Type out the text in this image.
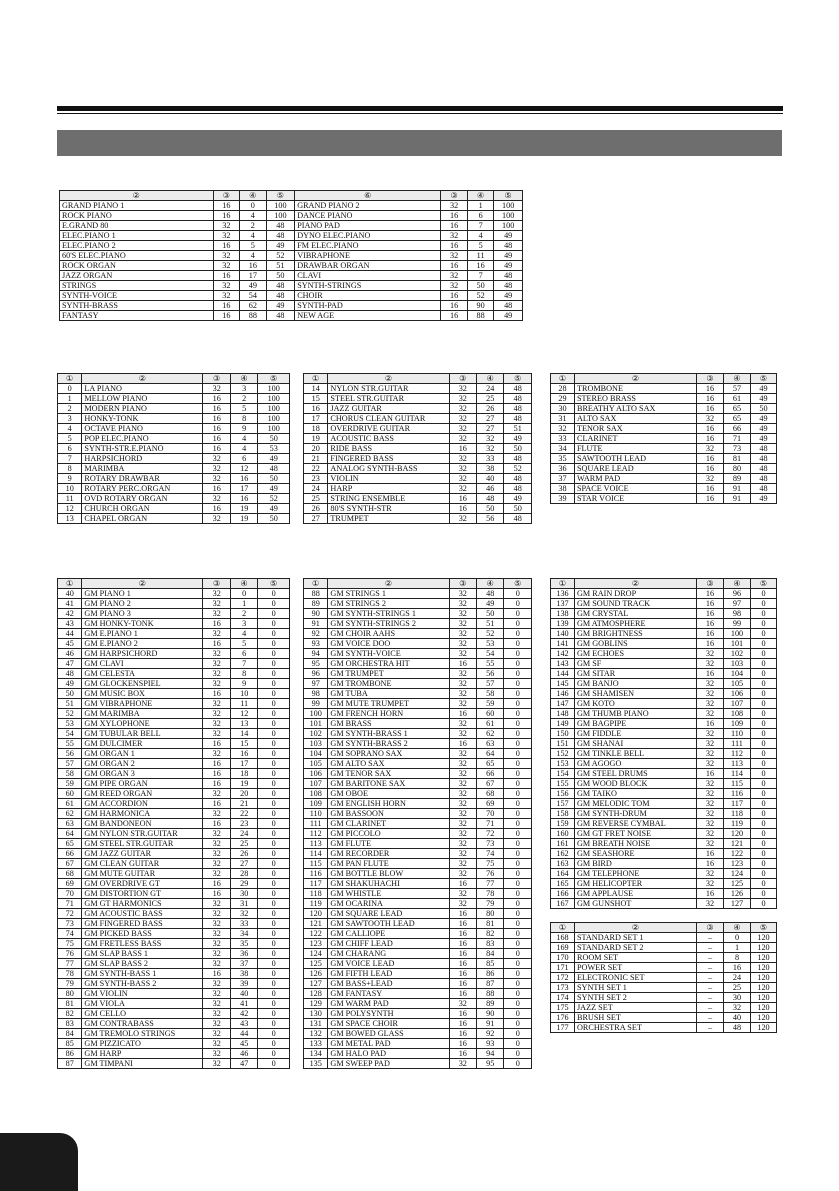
②	③	④	⑤	⑥	③	④	⑤
GRAND PIANO 1	16	0	100	GRAND PIANO 2	32	1	100
ROCK PIANO	16	4	100	DANCE PIANO	16	6	100
E.GRAND 80	32	2	48	PIANO PAD	16	7	100
ELEC.PIANO 1	32	4	48	DYNO ELEC.PIANO	32	4	49
ELEC.PIANO 2	16	5	49	FM ELEC.PIANO	16	5	48
60'S ELEC.PIANO	32	4	52	VIBRAPHONE	32	11	49
ROCK ORGAN	32	16	51	DRAWBAR ORGAN	16	16	49
JAZZ ORGAN	16	17	50	CLAVI	32	7	48
STRINGS	32	49	48	SYNTH-STRINGS	32	50	48
SYNTH-VOICE	32	54	48	CHOIR	16	52	49
SYNTH-BRASS	16	62	49	SYNTH-PAD	16	90	48
FANTASY	16	88	48	NEW AGE	16	88	49
①	②	③	④	⑤
0	LA PIANO	32	3	100
1	MELLOW PIANO	16	2	100
2	MODERN PIANO	16	5	100
3	HONKY-TONK	16	8	100
4	OCTAVE PIANO	16	9	100
5	POP ELEC.PIANO	16	4	50
6	SYNTH-STR.E.PIANO	16	4	53
7	HARPSICHORD	32	6	49
8	MARIMBA	32	12	48
9	ROTARY DRAWBAR	32	16	50
10	ROTARY PERC.ORGAN	16	17	49
11	OVD ROTARY ORGAN	32	16	52
12	CHURCH ORGAN	16	19	49
13	CHAPEL ORGAN	32	19	50
①	②	③	④	⑤
14	NYLON STR.GUITAR	32	24	48
15	STEEL STR.GUITAR	32	25	48
16	JAZZ GUITAR	32	26	48
17	CHORUS CLEAN GUITAR	32	27	48
18	OVERDRIVE GUITAR	32	27	51
19	ACOUSTIC BASS	32	32	49
20	RIDE BASS	16	32	50
21	FINGERED BASS	32	33	48
22	ANALOG SYNTH-BASS	32	38	52
23	VIOLIN	32	40	48
24	HARP	32	46	48
25	STRING ENSEMBLE	16	48	49
26	80'S SYNTH-STR	16	50	50
27	TRUMPET	32	56	48
①	②	③	④	⑤
28	TROMBONE	16	57	49
29	STEREO BRASS	16	61	49
30	BREATHY ALTO SAX	16	65	50
31	ALTO SAX	32	65	49
32	TENOR SAX	16	66	49
33	CLARINET	16	71	49
34	FLUTE	32	73	48
35	SAWTOOTH LEAD	16	81	48
36	SQUARE LEAD	16	80	48
37	WARM PAD	32	89	48
38	SPACE VOICE	16	91	48
39	STAR VOICE	16	91	49
①	②	③	④	⑤
40	GM PIANO 1	32	0	0
41	GM PIANO 2	32	1	0
42	GM PIANO 3	32	2	0
43	GM HONKY-TONK	16	3	0
44	GM E.PIANO 1	32	4	0
45	GM E.PIANO 2	16	5	0
46	GM HARPSICHORD	32	6	0
47	GM CLAVI	32	7	0
48	GM CELESTA	32	8	0
49	GM GLOCKENSPIEL	32	9	0
50	GM MUSIC BOX	16	10	0
51	GM VIBRAPHONE	32	11	0
52	GM MARIMBA	32	12	0
53	GM XYLOPHONE	32	13	0
54	GM TUBULAR BELL	32	14	0
55	GM DULCIMER	16	15	0
56	GM ORGAN 1	32	16	0
57	GM ORGAN 2	16	17	0
58	GM ORGAN 3	16	18	0
59	GM PIPE ORGAN	16	19	0
60	GM REED ORGAN	32	20	0
61	GM ACCORDION	16	21	0
62	GM HARMONICA	32	22	0
63	GM BANDONEON	16	23	0
64	GM NYLON STR.GUITAR	32	24	0
65	GM STEEL STR.GUITAR	32	25	0
66	GM JAZZ GUITAR	32	26	0
67	GM CLEAN GUITAR	32	27	0
68	GM MUTE GUITAR	32	28	0
69	GM OVERDRIVE GT	16	29	0
70	GM DISTORTION GT	16	30	0
71	GM GT HARMONICS	32	31	0
72	GM ACOUSTIC BASS	32	32	0
73	GM FINGERED BASS	32	33	0
74	GM PICKED BASS	32	34	0
75	GM FRETLESS BASS	32	35	0
76	GM SLAP BASS 1	32	36	0
77	GM SLAP BASS 2	32	37	0
78	GM SYNTH-BASS 1	16	38	0
79	GM SYNTH-BASS 2	32	39	0
80	GM VIOLIN	32	40	0
81	GM VIOLA	32	41	0
82	GM CELLO	32	42	0
83	GM CONTRABASS	32	43	0
84	GM TREMOLO STRINGS	32	44	0
85	GM PIZZICATO	32	45	0
86	GM HARP	32	46	0
87	GM TIMPANI	32	47	0
①	②	③	④	⑤
88	GM STRINGS 1	32	48	0
89	GM STRINGS 2	32	49	0
90	GM SYNTH-STRINGS 1	32	50	0
91	GM SYNTH-STRINGS 2	32	51	0
92	GM CHOIR AAHS	32	52	0
93	GM VOICE DOO	32	53	0
94	GM SYNTH-VOICE	32	54	0
95	GM ORCHESTRA HIT	16	55	0
96	GM TRUMPET	32	56	0
97	GM TROMBONE	32	57	0
98	GM TUBA	32	58	0
99	GM MUTE TRUMPET	32	59	0
100	GM FRENCH HORN	16	60	0
101	GM BRASS	32	61	0
102	GM SYNTH-BRASS 1	32	62	0
103	GM SYNTH-BRASS 2	16	63	0
104	GM SOPRANO SAX	32	64	0
105	GM ALTO SAX	32	65	0
106	GM TENOR SAX	32	66	0
107	GM BARITONE SAX	32	67	0
108	GM OBOE	32	68	0
109	GM ENGLISH HORN	32	69	0
110	GM BASSOON	32	70	0
111	GM CLARINET	32	71	0
112	GM PICCOLO	32	72	0
113	GM FLUTE	32	73	0
114	GM RECORDER	32	74	0
115	GM PAN FLUTE	32	75	0
116	GM BOTTLE BLOW	32	76	0
117	GM SHAKUHACHI	16	77	0
118	GM WHISTLE	32	78	0
119	GM OCARINA	32	79	0
120	GM SQUARE LEAD	16	80	0
121	GM SAWTOOTH LEAD	16	81	0
122	GM CALLIOPE	16	82	0
123	GM CHIFF LEAD	16	83	0
124	GM CHARANG	16	84	0
125	GM VOICE LEAD	16	85	0
126	GM FIFTH LEAD	16	86	0
127	GM BASS+LEAD	16	87	0
128	GM FANTASY	16	88	0
129	GM WARM PAD	32	89	0
130	GM POLYSYNTH	16	90	0
131	GM SPACE CHOIR	16	91	0
132	GM BOWED GLASS	16	92	0
133	GM METAL PAD	16	93	0
134	GM HALO PAD	16	94	0
135	GM SWEEP PAD	32	95	0
①	②	③	④	⑤
136	GM RAIN DROP	16	96	0
137	GM SOUND TRACK	16	97	0
138	GM CRYSTAL	16	98	0
139	GM ATMOSPHERE	16	99	0
140	GM BRIGHTNESS	16	100	0
141	GM GOBLINS	16	101	0
142	GM ECHOES	32	102	0
143	GM SF	32	103	0
144	GM SITAR	16	104	0
145	GM BANJO	32	105	0
146	GM SHAMISEN	32	106	0
147	GM KOTO	32	107	0
148	GM THUMB PIANO	32	108	0
149	GM BAGPIPE	16	109	0
150	GM FIDDLE	32	110	0
151	GM SHANAI	32	111	0
152	GM TINKLE BELL	32	112	0
153	GM AGOGO	32	113	0
154	GM STEEL DRUMS	16	114	0
155	GM WOOD BLOCK	32	115	0
156	GM TAIKO	32	116	0
157	GM MELODIC TOM	32	117	0
158	GM SYNTH-DRUM	32	118	0
159	GM REVERSE CYMBAL	32	119	0
160	GM GT FRET NOISE	32	120	0
161	GM BREATH NOISE	32	121	0
162	GM SEASHORE	16	122	0
163	GM BIRD	16	123	0
164	GM TELEPHONE	32	124	0
165	GM HELICOPTER	32	125	0
166	GM APPLAUSE	16	126	0
167	GM GUNSHOT	32	127	0
①	②	③	④	⑤
168	STANDARD SET 1	–	0	120
169	STANDARD SET 2	–	1	120
170	ROOM SET	–	8	120
171	POWER SET	–	16	120
172	ELECTRONIC SET	–	24	120
173	SYNTH SET 1	–	25	120
174	SYNTH SET 2	–	30	120
175	JAZZ SET	–	32	120
176	BRUSH SET	–	40	120
177	ORCHESTRA SET	–	48	120
